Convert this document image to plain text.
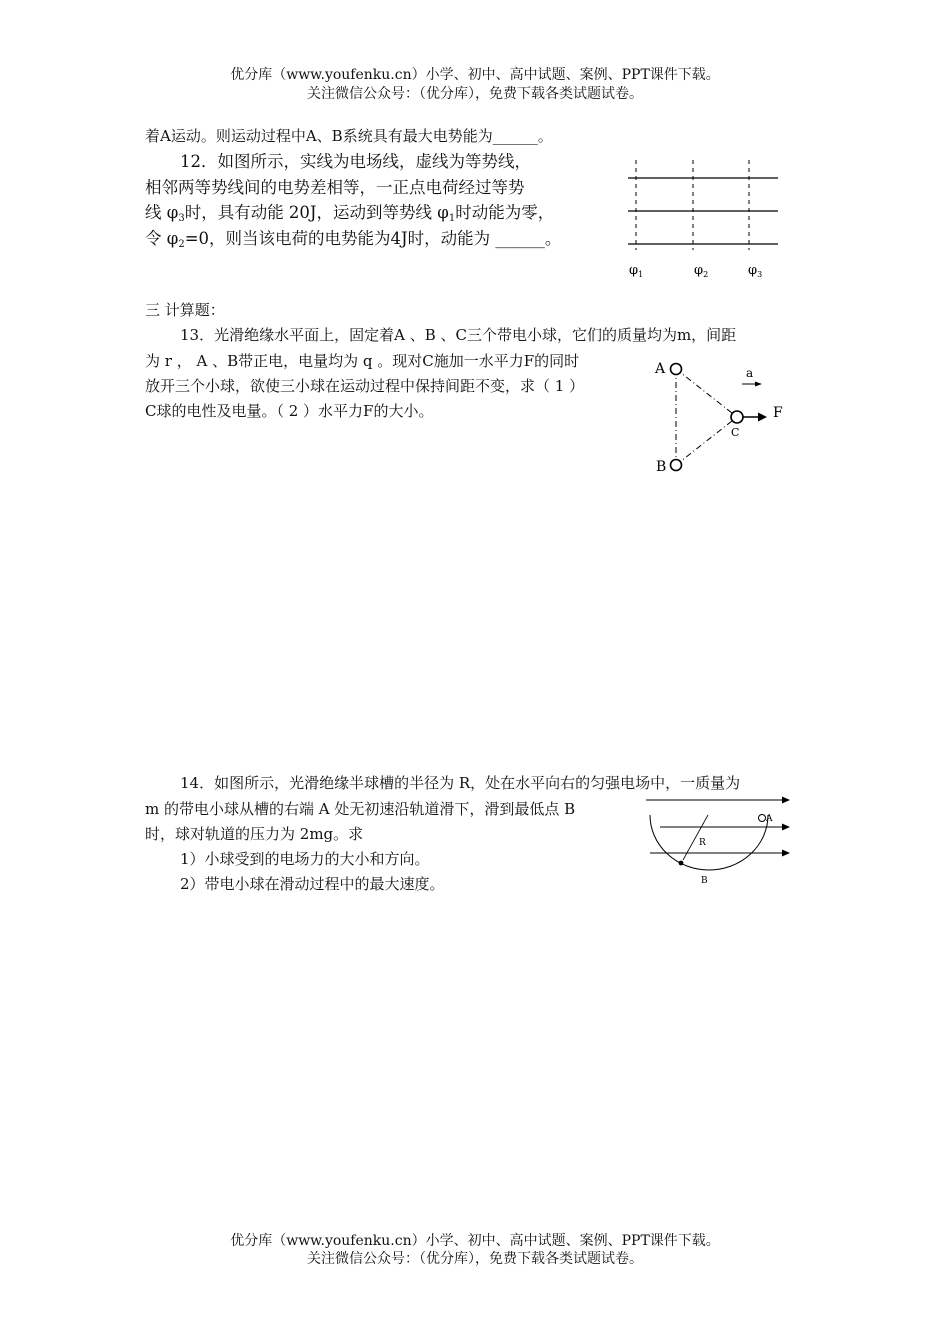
优分库（www.youfenku.cn）小学、初中、高中试题、案例、PPT课件下载。
关注微信公众号：（优分库），免费下载各类试题试卷。
着A运动。则运动过程中A、B系统具有最大电势能为______。
12．如图所示，实线为电场线，虚线为等势线，
相邻两等势线间的电势差相等，一正点电荷经过等势
线 $\varphi_3$时，具有动能 20J，运动到等势线 $\varphi_1$时动能为零，
令 $\varphi_2=0$，则当该电荷的电势能为4J时，动能为 ______。
$\varphi_1$	$\varphi_2$	$\varphi_3$
三 计算题：
13．光滑绝缘水平面上，固定着A 、B 、C三个带电小球，它们的质量均为m，间距
为 r ， A 、B带正电，电量均为 q 。现对C施加一水平力F的同时
放开三个小球，欲使三小球在运动过程中保持间距不变，求（ 1 ）
C球的电性及电量。（ 2 ）水平力F的大小。
A
B
C
F
a
14．如图所示，光滑绝缘半球槽的半径为 R，处在水平向右的匀强电场中，一质量为
m 的带电小球从槽的右端 A 处无初速沿轨道滑下，滑到最低点 B
时，球对轨道的压力为 2mg。求
1）小球受到的电场力的大小和方向。
2）带电小球在滑动过程中的最大速度。
R
A
B
优分库（www.youfenku.cn）小学、初中、高中试题、案例、PPT课件下载。
关注微信公众号：（优分库），免费下载各类试题试卷。
